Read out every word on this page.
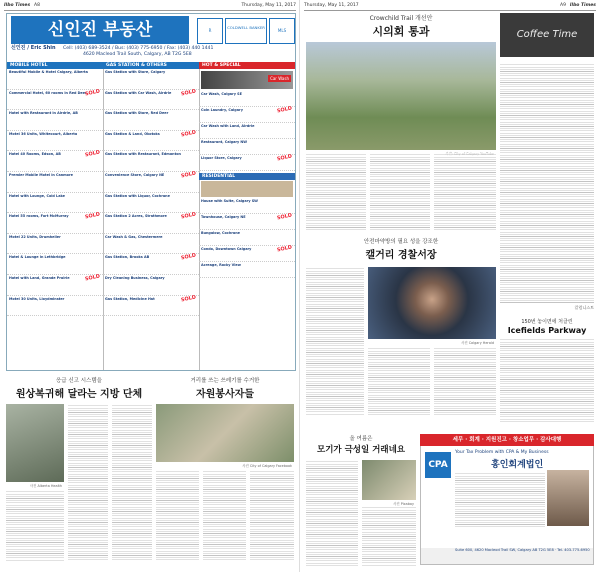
Ilbo Times A8	Thursday, May 11, 2017
신인진 부동산	R
COLDWELL BANKER
MLS
신인진 / Eric Shin Cell: (403) 689-3524 / Bus: (403) 775-6950 / Fax: (403) 440 1441
4620 Macleod Trail South, Calgary, AB T2G 5E8
MOBILE HOTEL
Beautiful Mobile & Hotel Calgary, Alberta
Commercial Hotel, 60 rooms in Red Deer
SOLD
Hotel with Restaurant in Airdrie, AB
Motel 36 Units, Whitecourt, Alberta
Hotel 40 Rooms, Edson, AB	SOLD
Premier Mobile Motel in Canmore
Hotel with Lounge, Cold Lake
Hotel 55 rooms, Fort McMurray	SOLD
Motel 22 Units, Drumheller
Hotel & Lounge in Lethbridge
Hotel with Land, Grande Prairie	SOLD
Motel 30 Units, Lloydminster
GAS STATION & OTHERS
Gas Station with Store, Calgary
Gas Station with Car Wash, Airdrie SOLD
Gas Station with Store, Red Deer
Gas Station & Land, Okotoks	SOLD
Gas Station with Restaurant, Edmonton
Convenience Store, Calgary NE	SOLD
Gas Station with Liquor, Cochrane
Gas Station 2 Acres, Strathmore	SOLD
Car Wash & Gas, Chestermere
Gas Station, Brooks AB	SOLD
Dry Cleaning Business, Calgary
Gas Station, Medicine Hat	SOLD
HOT & SPECIAL
Car Wash
Car Wash, Calgary SE
Coin Laundry, Calgary	SOLD
Car Wash with Land, Airdrie
Restaurant, Calgary NW
Liquor Store, Calgary	SOLD
RESIDENTIAL
House with Suite, Calgary SW
Townhouse, Calgary NE	SOLD
Bungalow, Cochrane
Condo, Downtown Calgary	SOLD
Acreage, Rocky View
응급 신고 시스템을
원상복귀해 달라는 지방 단체
사진 Alberta Health
거리를 쓰는 쓰레기를 수거한
자원봉사자들
사진 City of Calgary Facebook
Thursday, May 11, 2017	A9 Ilbo Times
Crowchild Trail 개선안
시의회 통과	Coffee Time
칼럼니스트
안전마약방의 필요 성을 강조한
캘거리 경찰서장
사진 Calgary Herald
150번 놓이면에 처클린
Icefields Parkway
올 여름은
모기가 극성일 거래네요
사진 Pixabay
세무 · 회계 · 지원진고 · 창소업무 · 감사대행
CPA
Your Tax Problem with CPA & My Business
홍인회계법인
Suite 600, 4620 Macleod Trail SW, Calgary AB T2G 5E8 · Tel. 403-775-6950
